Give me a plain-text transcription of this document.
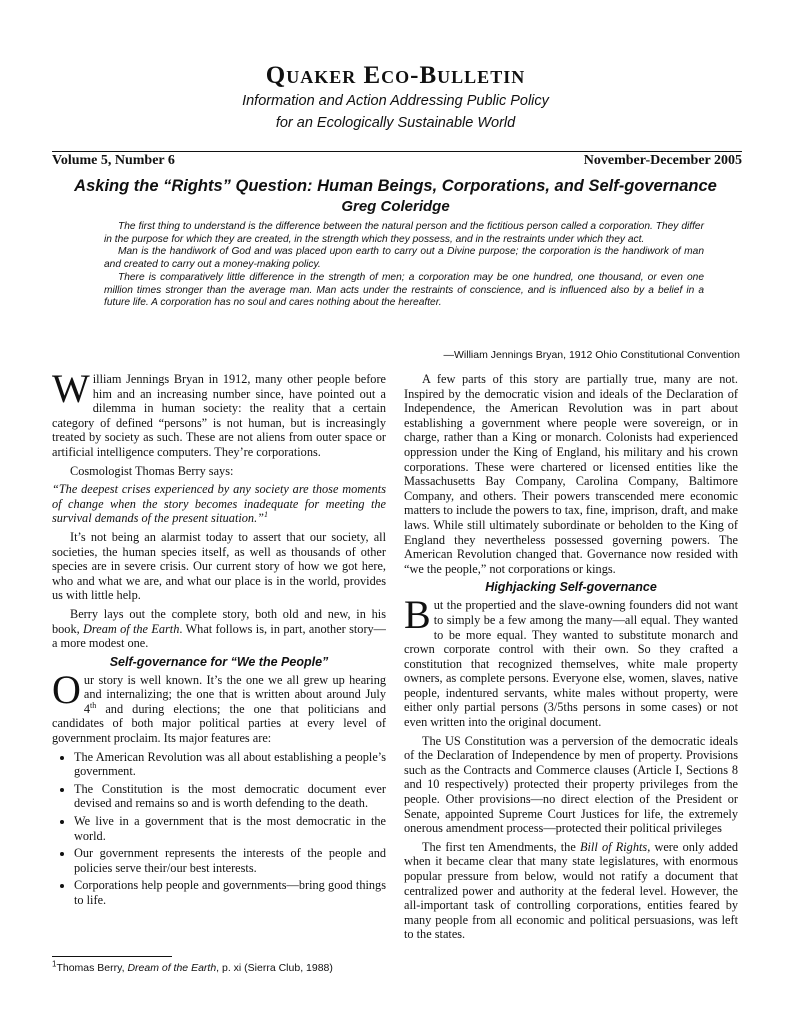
Quaker Eco-Bulletin
Information and Action Addressing Public Policy
for an Ecologically Sustainable World
Volume 5, Number 6	November-December 2005
Asking the “Rights” Question: Human Beings, Corporations, and Self-governance
Greg Coleridge

The first thing to understand is the difference between the natural person and the fictitious person called a corporation. They differ in the purpose for which they are created, in the strength which they possess, and in the restraints under which they act.

Man is the handiwork of God and was placed upon earth to carry out a Divine purpose; the corporation is the handiwork of man and created to carry out a money-making policy.

There is comparatively little difference in the strength of men; a corporation may be one hundred, one thousand, or even one million times stronger than the average man. Man acts under the restraints of conscience, and is influenced also by a belief in a future life. A corporation has no soul and cares nothing about the hereafter.

—William Jennings Bryan, 1912 Ohio Constitutional Convention

William Jennings Bryan in 1912, many other people before him and an increasing number since, have pointed out a dilemma in human society: the reality that a certain category of defined “persons” is not human, but is increasingly treated by society as such. These are not aliens from outer space or artificial intelligence computers. They’re corporations.

Cosmologist Thomas Berry says:

“The deepest crises experienced by any society are those moments of change when the story becomes inadequate for meeting the survival demands of the present situation.”$^1$

It’s not being an alarmist today to assert that our society, all societies, the human species itself, as well as thousands of other species are in severe crisis. Our current story of how we got here, who and what we are, and what our place is in the world, provides us with little help.

Berry lays out the complete story, both old and new, in his book, Dream of the Earth. What follows is, in part, another story—a more modest one.

Self-governance for “We the People”

Our story is well known. It’s the one we all grew up hearing and internalizing; the one that is written about around July 4th and during elections; the one that politicians and candidates of both major political parties at every level of government proclaim. Its major features are:

• The American Revolution was all about establishing a people’s government.
• The Constitution is the most democratic document ever devised and remains so and is worth defending to the death.
• We live in a government that is the most democratic in the world.
• Our government represents the interests of the people and policies serve their/our best interests.
• Corporations help people and governments—bring good things to life.
$^1$Thomas Berry, Dream of the Earth, p. xi (Sierra Club, 1988)

A few parts of this story are partially true, many are not. Inspired by the democratic vision and ideals of the Declaration of Independence, the American Revolution was in part about establishing a government where people were sovereign, or in charge, rather than a King or monarch. Colonists had experienced oppression under the King of England, his military and his crown corporations. These were chartered or licensed entities like the Massachusetts Bay Company, Carolina Company, Baltimore Company, and others. Their powers transcended mere economic matters to include the powers to tax, fine, imprison, draft, and make laws. While still ultimately subordinate or beholden to the King of England they nevertheless possessed governing powers. The American Revolution changed that. Governance now resided with “we the people,” not corporations or kings.

Highjacking Self-governance

But the propertied and the slave-owning founders did not want to simply be a few among the many—all equal. They wanted to be more equal. They wanted to substitute monarch and crown corporate control with their own. So they crafted a constitution that recognized themselves, white male property owners, as complete persons. Everyone else, women, slaves, native people, indentured servants, white males without property, were either only partial persons (3/5ths persons in some cases) or not even written into the original document.

The US Constitution was a perversion of the democratic ideals of the Declaration of Independence by men of property. Provisions such as the Contracts and Commerce clauses (Article I, Sections 8 and 10 respectively) protected their property privileges from the people. Other provisions—no direct election of the President or Senate, appointed Supreme Court Justices for life, the extremely onerous amendment process—protected their political privileges

The first ten Amendments, the Bill of Rights, were only added when it became clear that many state legislatures, with enormous popular pressure from below, would not ratify a document that centralized power and authority at the federal level. However, the all-important task of controlling corporations, entities feared by many people from all economic and political persuasions, was left to the states.
